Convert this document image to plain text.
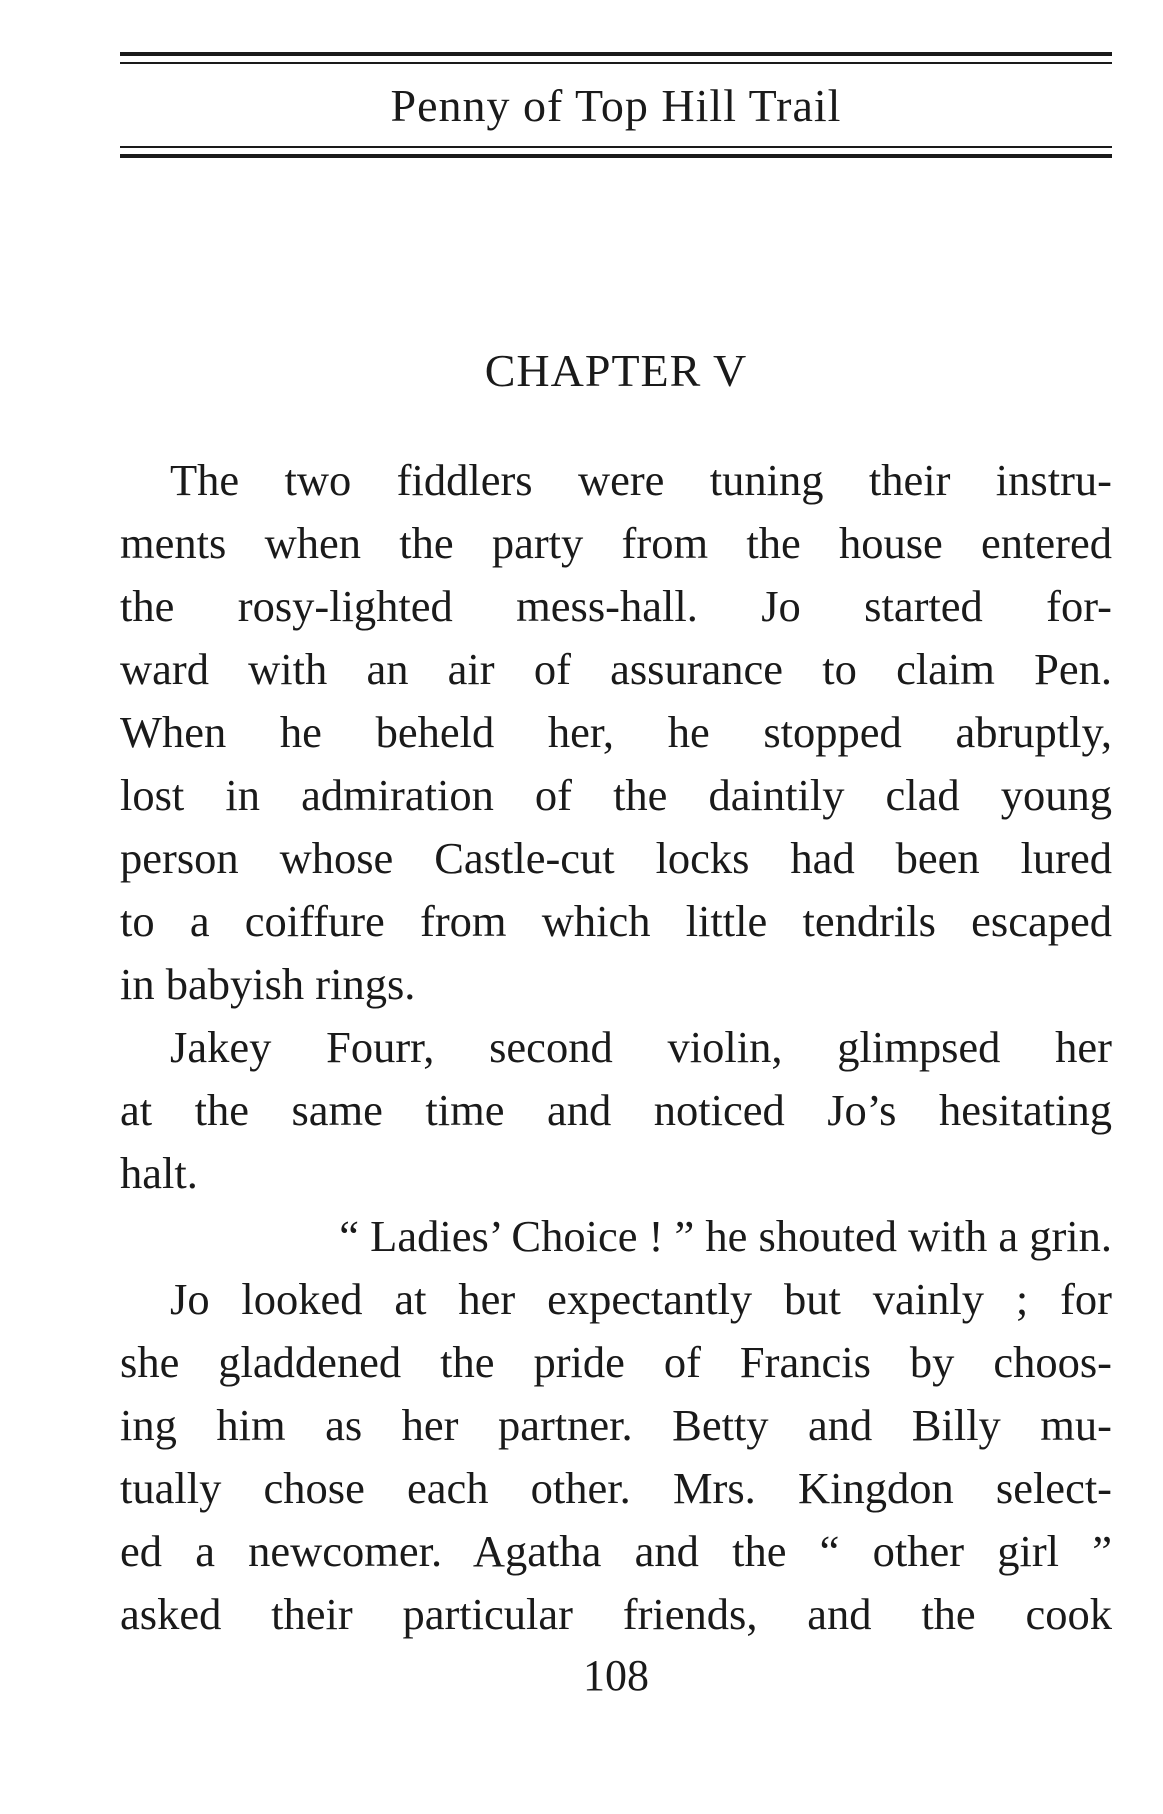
Penny of Top Hill Trail
CHAPTER V
The two fiddlers were tuning their instru-
ments when the party from the house entered
the rosy-lighted mess-hall. Jo started for-
ward with an air of assurance to claim Pen.
When he beheld her, he stopped abruptly,
lost in admiration of the daintily clad young
person whose Castle-cut locks had been lured
to a coiffure from which little tendrils escaped
in babyish rings.
Jakey Fourr, second violin, glimpsed her
at the same time and noticed Jo’s hesitating
halt.
“ Ladies’ Choice ! ” he shouted with a grin.
Jo looked at her expectantly but vainly ; for
she gladdened the pride of Francis by choos-
ing him as her partner. Betty and Billy mu-
tually chose each other. Mrs. Kingdon select-
ed a newcomer. Agatha and the “ other girl ”
asked their particular friends, and the cook
108
